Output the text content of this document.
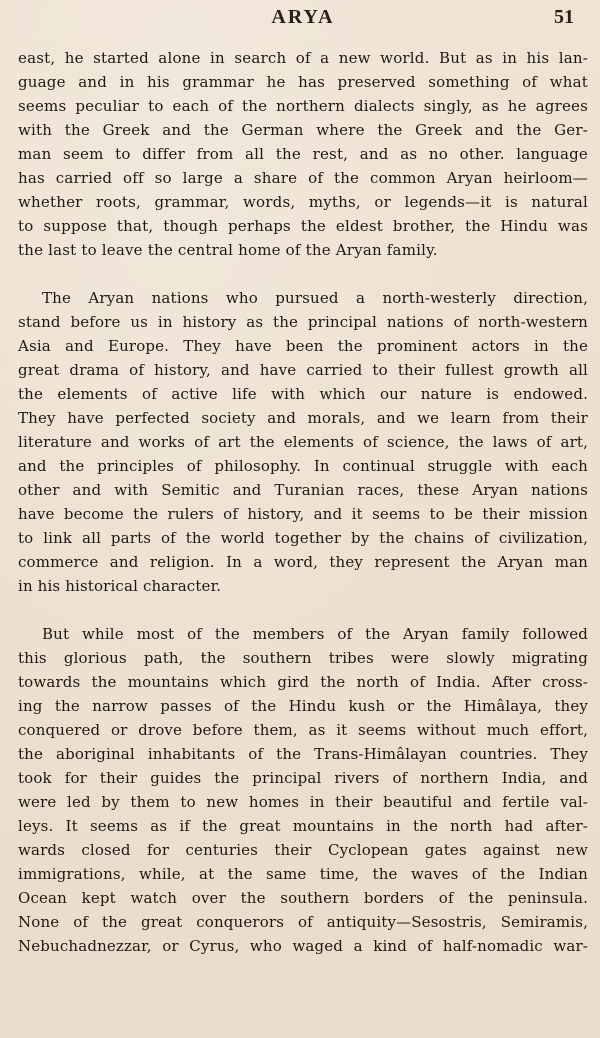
ARYA	51
east, he started alone in search of a new world. But as in his lan-
guage and in his grammar he has preserved something of what
seems peculiar to each of the northern dialects singly, as he agrees
with the Greek and the German where the Greek and the Ger-
man seem to differ from all the rest, and as no other. language
has carried off so large a share of the common Aryan heirloom—
whether roots, grammar, words, myths, or legends—it is natural
to suppose that, though perhaps the eldest brother, the Hindu was
the last to leave the central home of the Aryan family.
The Aryan nations who pursued a north-westerly direction,
stand before us in history as the principal nations of north-western
Asia and Europe. They have been the prominent actors in the
great drama of history, and have carried to their fullest growth all
the elements of active life with which our nature is endowed.
They have perfected society and morals, and we learn from their
literature and works of art the elements of science, the laws of art,
and the principles of philosophy. In continual struggle with each
other and with Semitic and Turanian races, these Aryan nations
have become the rulers of history, and it seems to be their mission
to link all parts of the world together by the chains of civilization,
commerce and religion. In a word, they represent the Aryan man
in his historical character.
But while most of the members of the Aryan family followed
this glorious path, the southern tribes were slowly migrating
towards the mountains which gird the north of India. After cross-
ing the narrow passes of the Hindu kush or the Himâlaya, they
conquered or drove before them, as it seems without much effort,
the aboriginal inhabitants of the Trans-Himâlayan countries. They
took for their guides the principal rivers of northern India, and
were led by them to new homes in their beautiful and fertile val-
leys. It seems as if the great mountains in the north had after-
wards closed for centuries their Cyclopean gates against new
immigrations, while, at the same time, the waves of the Indian
Ocean kept watch over the southern borders of the peninsula.
None of the great conquerors of antiquity—Sesostris, Semiramis,
Nebuchadnezzar, or Cyrus, who waged a kind of half-nomadic war-
